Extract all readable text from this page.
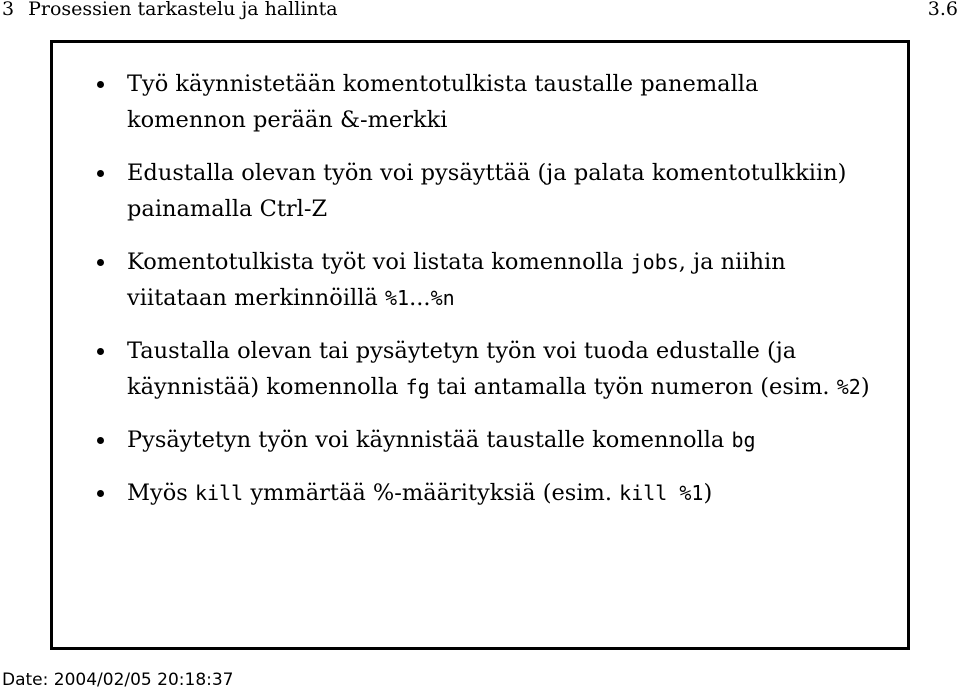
3 Prosessien tarkastelu ja hallinta	3.6
Työ käynnistetään komentotulkista taustalle panemalla
komennon perään &-merkki
Edustalla olevan työn voi pysäyttää (ja palata komentotulkkiin)
painamalla Ctrl-Z
Komentotulkista työt voi listata komennolla jobs, ja niihin
viitataan merkinnöillä %1...%n
Taustalla olevan tai pysäytetyn työn voi tuoda edustalle (ja
käynnistää) komennolla fg tai antamalla työn numeron (esim. %2)
Pysäytetyn työn voi käynnistää taustalle komennolla bg
Myös kill ymmärtää %-määrityksiä (esim. kill %1)
Date: 2004/02/05 20:18:37
